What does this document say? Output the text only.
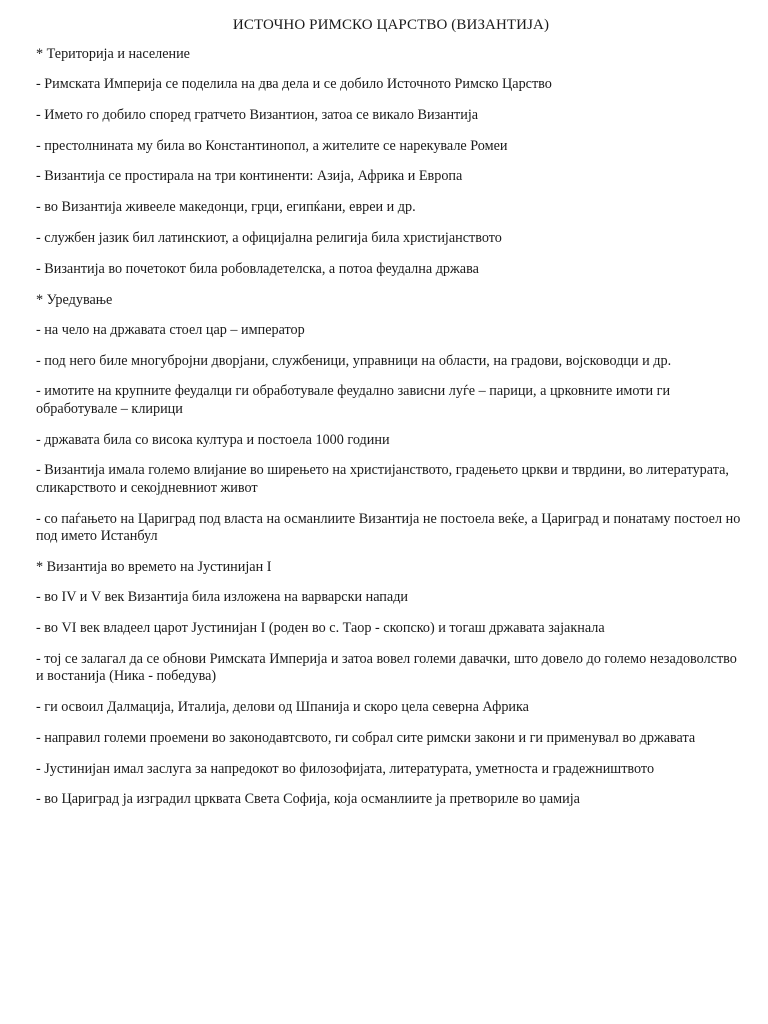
ИСТОЧНО РИМСКО ЦАРСТВО (ВИЗАНТИЈА)
* Територија и население
- Римската Империја се поделила на два дела и се добило Источното Римско Царство
- Името го добило според гратчето Византион, затоа се викало Византија
- престолнината му била во Константинопол, а жителите се нарекувале Ромеи
- Византија се простирала на три континенти: Азија, Африка и Европа
- во Византија живееле македонци, грци, египќани, евреи и др.
- службен јазик бил латинскиот, а официјална религија била христијанството
- Византија во почетокот била робовладетелска, а потоа феудална држава
* Уредување
- на чело на државата стоел цар – император
- под него биле многубројни дворјани, службеници, управници на области, на градови, војсководци и др.
- имотите на крупните феудалци ги обработувале феудално зависни луѓе – парици, а црковните имоти ги обработувале – клирици
- државата била со висока култура и постоела 1000 години
- Византија имала големо влијание во ширењето на христијанството, градењето цркви и тврдини, во литературата, сликарството и секојдневниот живот
- со паѓањето на Цариград под власта на османлиите Византија не постоела веќе, а Цариград и понатаму постоел но под името Истанбул
* Византија во времето на Јустинијан I
- во IV и V век Византија била изложена на варварски напади
- во VI век владеел царот Јустинијан I (роден во с. Таор - скопско) и тогаш државата зајакнала
- тој се залагал да се обнови Римската Империја и затоа вовел големи давачки, што довело до големо незадоволство и востанија (Ника - победува)
- ги освоил Далмација, Италија, делови од Шпанија и скоро цела северна Африка
- направил големи проемени во законодавтсвото, ги собрал сите римски закони и ги применувал во државата
- Јустинијан имал заслуга за напредокот во филозофијата, литературата, уметноста и градежништвото
- во Цариград ја изградил црквата Света Софија, која османлиите ја претвориле во џамија
